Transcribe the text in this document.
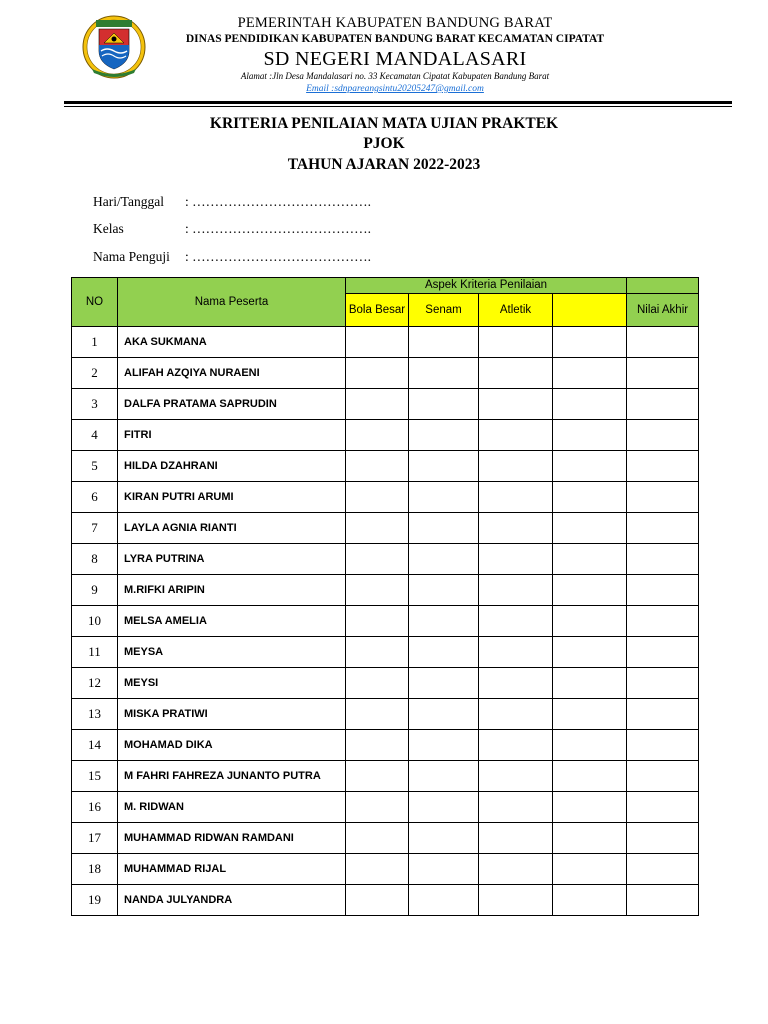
PEMERINTAH KABUPATEN BANDUNG BARAT
DINAS PENDIDIKAN KABUPATEN BANDUNG BARAT KECAMATAN CIPATAT
SD NEGERI MANDALASARI
Alamat :Jln Desa Mandalasari no. 33 Kecamatan Cipatat Kabupaten Bandung Barat
Email :sdnpareangsintu20205247@gmail.com
KRITERIA PENILAIAN MATA UJIAN PRAKTEK
PJOK
TAHUN AJARAN 2022-2023
Hari/Tanggal : ………………………………….
Kelas	: ………………………………….
Nama Penguji : ………………………………….
NO	Nama Peserta	Aspek Kriteria Penilaian				
		Bola Besar	Senam	Atletik		Nilai Akhir
1	AKA SUKMANA					
2	ALIFAH AZQIYA NURAENI					
3	DALFA PRATAMA SAPRUDIN					
4	FITRI					
5	HILDA DZAHRANI					
6	KIRAN PUTRI ARUMI					
7	LAYLA AGNIA RIANTI					
8	LYRA PUTRINA					
9	M.RIFKI ARIPIN					
10	MELSA AMELIA					
11	MEYSA					
12	MEYSI					
13	MISKA PRATIWI					
14	MOHAMAD DIKA					
15	M FAHRI FAHREZA JUNANTO PUTRA					
16	M. RIDWAN					
17	MUHAMMAD RIDWAN RAMDANI					
18	MUHAMMAD RIJAL					
19	NANDA JULYANDRA					
